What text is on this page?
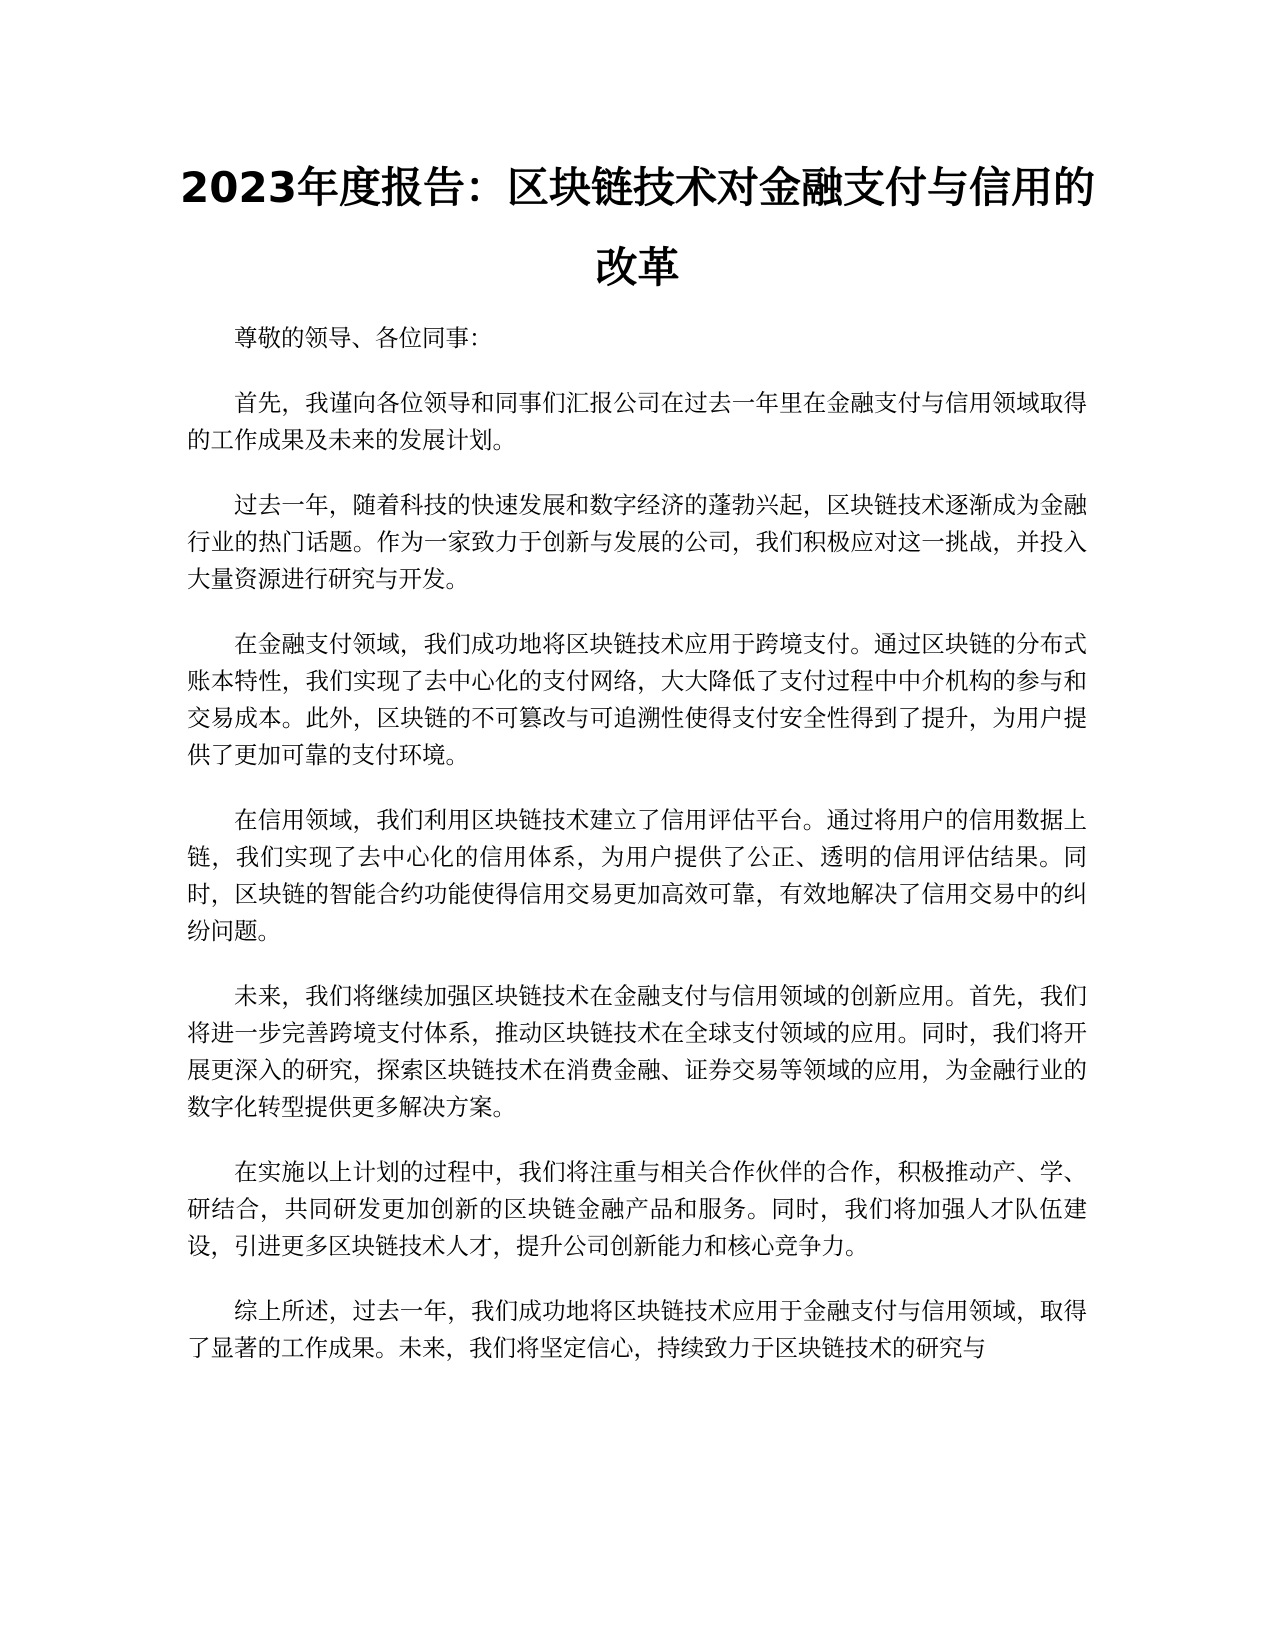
2023年度报告：区块链技术对金融支付与信用的改革

尊敬的领导、各位同事：

首先，我谨向各位领导和同事们汇报公司在过去一年里在金融支付与信用领域取得的工作成果及未来的发展计划。

过去一年，随着科技的快速发展和数字经济的蓬勃兴起，区块链技术逐渐成为金融行业的热门话题。作为一家致力于创新与发展的公司，我们积极应对这一挑战，并投入大量资源进行研究与开发。

在金融支付领域，我们成功地将区块链技术应用于跨境支付。通过区块链的分布式账本特性，我们实现了去中心化的支付网络，大大降低了支付过程中中介机构的参与和交易成本。此外，区块链的不可篡改与可追溯性使得支付安全性得到了提升，为用户提供了更加可靠的支付环境。

在信用领域，我们利用区块链技术建立了信用评估平台。通过将用户的信用数据上链，我们实现了去中心化的信用体系，为用户提供了公正、透明的信用评估结果。同时，区块链的智能合约功能使得信用交易更加高效可靠，有效地解决了信用交易中的纠纷问题。

未来，我们将继续加强区块链技术在金融支付与信用领域的创新应用。首先，我们将进一步完善跨境支付体系，推动区块链技术在全球支付领域的应用。同时，我们将开展更深入的研究，探索区块链技术在消费金融、证券交易等领域的应用，为金融行业的数字化转型提供更多解决方案。

在实施以上计划的过程中，我们将注重与相关合作伙伴的合作，积极推动产、学、研结合，共同研发更加创新的区块链金融产品和服务。同时，我们将加强人才队伍建设，引进更多区块链技术人才，提升公司创新能力和核心竞争力。

综上所述，过去一年，我们成功地将区块链技术应用于金融支付与信用领域，取得了显著的工作成果。未来，我们将坚定信心，持续致力于区块链技术的研究与
